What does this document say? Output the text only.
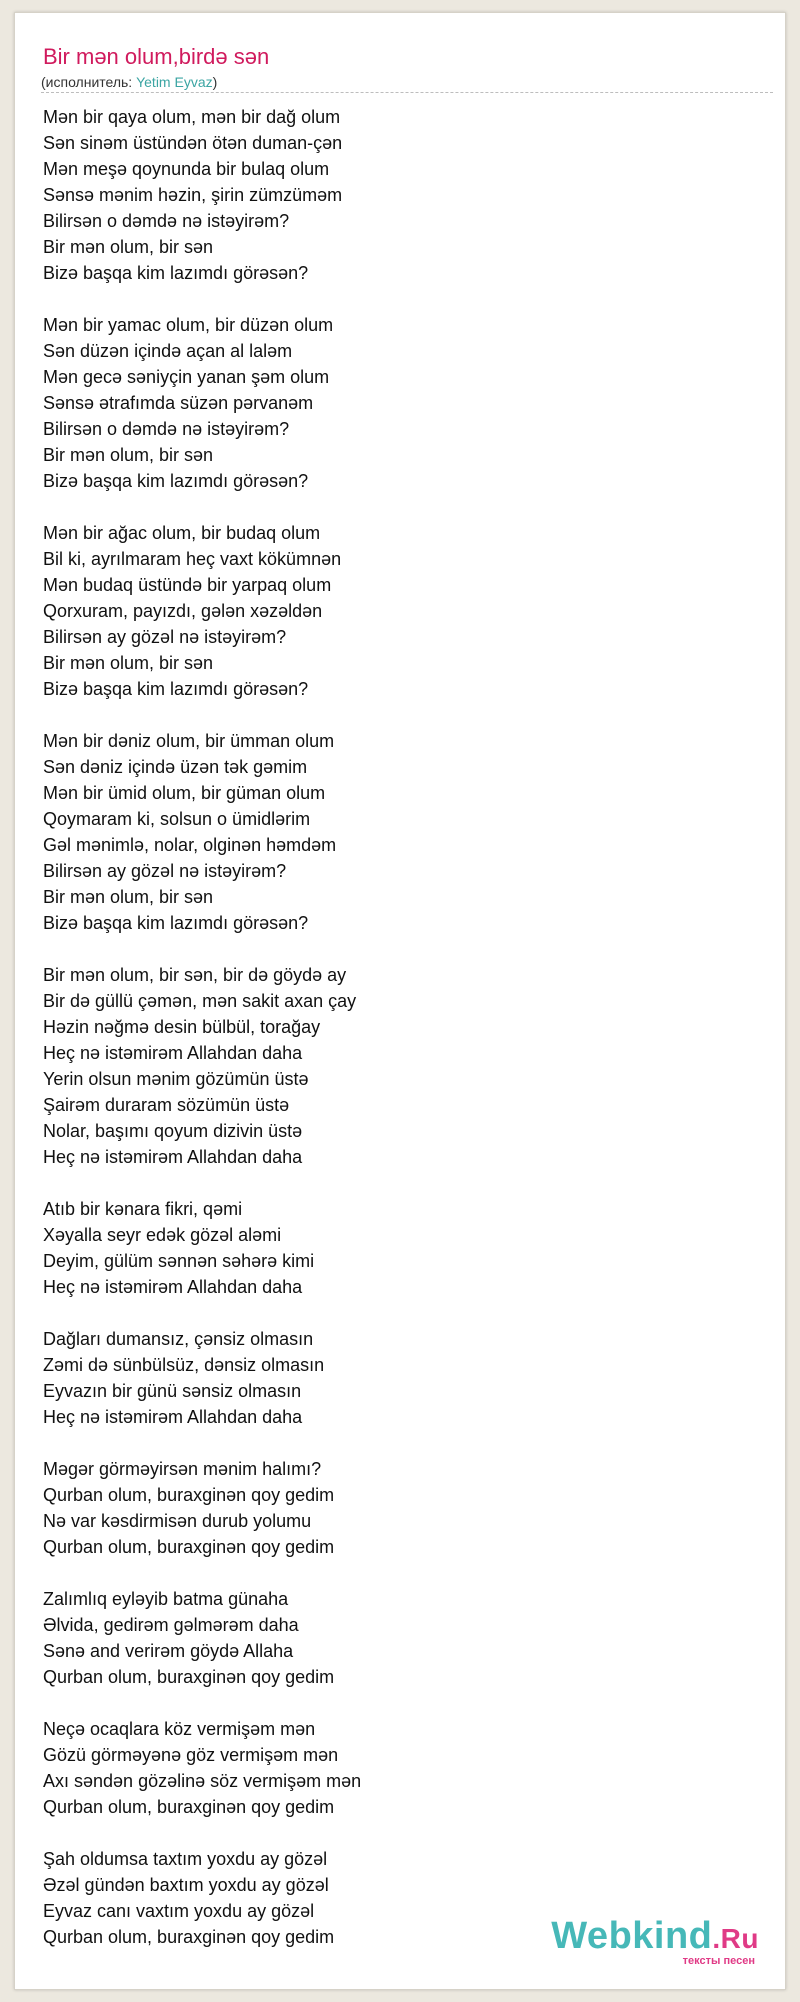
Bir mən olum,birdə sən
(исполнитель: Yetim Eyvaz)
Mən bir qaya olum, mən bir dağ olum
Sən sinəm üstündən ötən duman-çən
Mən meşə qoynunda bir bulaq olum
Sənsə mənim həzin, şirin zümzüməm
Bilirsən o dəmdə nə istəyirəm?
Bir mən olum, bir sən
Bizə başqa kim lazımdı görəsən?
Mən bir yamac olum, bir düzən olum
Sən düzən içində açan al laləm
Mən gecə səniyçin yanan şəm olum
Sənsə ətrafımda süzən pərvanəm
Bilirsən o dəmdə nə istəyirəm?
Bir mən olum, bir sən
Bizə başqa kim lazımdı görəsən?
Mən bir ağac olum, bir budaq olum
Bil ki, ayrılmaram heç vaxt kökümnən
Mən budaq üstündə bir yarpaq olum
Qorxuram, payızdı, gələn xəzəldən
Bilirsən ay gözəl nə istəyirəm?
Bir mən olum, bir sən
Bizə başqa kim lazımdı görəsən?
Mən bir dəniz olum, bir ümman olum
Sən dəniz içində üzən tək gəmim
Mən bir ümid olum, bir güman olum
Qoymaram ki, solsun o ümidlərim
Gəl mənimlə, nolar, olginən həmdəm
Bilirsən ay gözəl nə istəyirəm?
Bir mən olum, bir sən
Bizə başqa kim lazımdı görəsən?
Bir mən olum, bir sən, bir də göydə ay
Bir də güllü çəmən, mən sakit axan çay
Həzin nəğmə desin bülbül, torağay
Heç nə istəmirəm Allahdan daha
Yerin olsun mənim gözümün üstə
Şairəm duraram sözümün üstə
Nolar, başımı qoyum dizivin üstə
Heç nə istəmirəm Allahdan daha
Atıb bir kənara fikri, qəmi
Xəyalla seyr edək gözəl aləmi
Deyim, gülüm sənnən səhərə kimi
Heç nə istəmirəm Allahdan daha
Dağları dumansız, çənsiz olmasın
Zəmi də sünbülsüz, dənsiz olmasın
Eyvazın bir günü sənsiz olmasın
Heç nə istəmirəm Allahdan daha
Məgər görməyirsən mənim halımı?
Qurban olum, buraxginən qoy gedim
Nə var kəsdirmisən durub yolumu
Qurban olum, buraxginən qoy gedim
Zalımlıq eyləyib batma günaha
Əlvida, gedirəm gəlmərəm daha
Sənə and verirəm göydə Allaha
Qurban olum, buraxginən qoy gedim
Neçə ocaqlara köz vermişəm mən
Gözü görməyənə göz vermişəm mən
Axı səndən gözəlinə söz vermişəm mən
Qurban olum, buraxginən qoy gedim
Şah oldumsa taxtım yoxdu ay gözəl
Əzəl gündən baxtım yoxdu ay gözəl
Eyvaz canı vaxtım yoxdu ay gözəl
Qurban olum, buraxginən qoy gedim	Webkind.Ru
тексты песен
